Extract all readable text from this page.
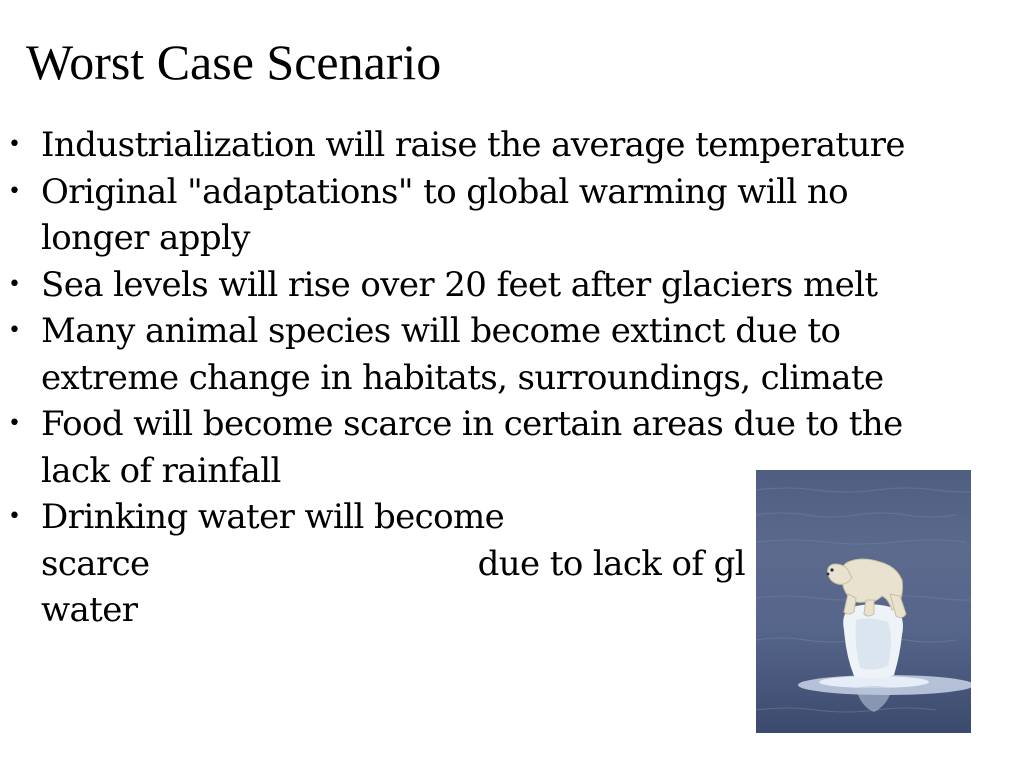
Worst Case Scenario
• Industrialization will raise the average temperature
• Original "adaptations" to global warming will no
longer apply
• Sea levels will rise over 20 feet after glaciers melt
• Many animal species will become extinct due to
extreme change in habitats, surroundings, climate
• Food will become scarce in certain areas due to the
lack of rainfall
• Drinking water will become
scarce	due to lack of gl
water
